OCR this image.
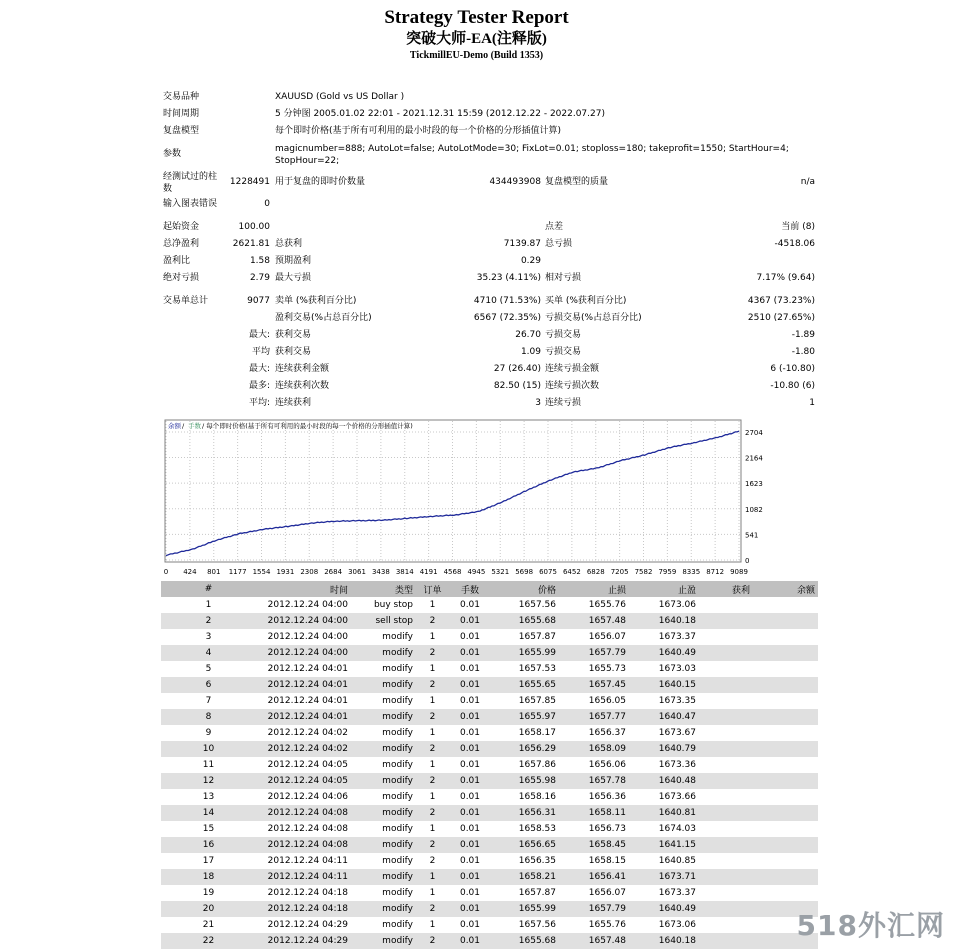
Strategy Tester Report
突破大师-EA(注释版)
TickmillEU-Demo (Build 1353)
交易品种	XAUUSD (Gold vs US Dollar )
时间周期	5 分钟图 2005.01.02 22:01 - 2021.12.31 15:59 (2012.12.22 - 2022.07.27)
复盘模型	每个即时价格(基于所有可利用的最小时段的每一个价格的分形插值计算)
参数	magicnumber=888; AutoLot=false; AutoLotMode=30; FixLot=0.01; stoploss=180; takeprofit=1550; StartHour=4;
StopHour=22;
经测试过的柱
数
1228491 用于复盘的即时价数量	434493908 复盘模型的质量	n/a
输入图表错误	0
起始资金	100.00	点差	当前 (8)
总净盈利	2621.81 总获利	7139.87 总亏损	-4518.06
盈利比	1.58 预期盈利	0.29
绝对亏损	2.79 最大亏损	35.23 (4.11%) 相对亏损	7.17% (9.64)
交易单总计	9077 卖单 (%获利百分比)	4710 (71.53%) 买单 (%获利百分比)	4367 (73.23%)
盈利交易(%占总百分比)	6567 (72.35%) 亏损交易(%占总百分比)	2510 (27.65%)
最大: 获利交易	26.70 亏损交易	-1.89
平均 获利交易	1.09 亏损交易	-1.80
最大: 连续获利金额	27 (26.40) 连续亏损金额	6 (-10.80)
最多: 连续获利次数	82.50 (15) 连续亏损次数	-10.80 (6)
平均: 连续获利	3 连续亏损	1
0 424 801 1177 1554 1931 2308 2684 3061 3438 3814 4191 4568 4945 5321 5698 6075 6452 6828 7205 7582 7959 8335 8712 9089
2704
2164
1623
1082
541
0
余额 / 手数 / 每个即时价格(基于所有可利用的最小时段的每一个价格的分形插值计算)
#	时间	类型	订单	手数	价格	止损	止盈	获利	余额
1	2012.12.24 04:00	buy stop	1	0.01	1657.56	1655.76	1673.06		
2	2012.12.24 04:00	sell stop	2	0.01	1655.68	1657.48	1640.18		
3	2012.12.24 04:00	modify	1	0.01	1657.87	1656.07	1673.37		
4	2012.12.24 04:00	modify	2	0.01	1655.99	1657.79	1640.49		
5	2012.12.24 04:01	modify	1	0.01	1657.53	1655.73	1673.03		
6	2012.12.24 04:01	modify	2	0.01	1655.65	1657.45	1640.15		
7	2012.12.24 04:01	modify	1	0.01	1657.85	1656.05	1673.35		
8	2012.12.24 04:01	modify	2	0.01	1655.97	1657.77	1640.47		
9	2012.12.24 04:02	modify	1	0.01	1658.17	1656.37	1673.67		
10	2012.12.24 04:02	modify	2	0.01	1656.29	1658.09	1640.79		
11	2012.12.24 04:05	modify	1	0.01	1657.86	1656.06	1673.36		
12	2012.12.24 04:05	modify	2	0.01	1655.98	1657.78	1640.48		
13	2012.12.24 04:06	modify	1	0.01	1658.16	1656.36	1673.66		
14	2012.12.24 04:08	modify	2	0.01	1656.31	1658.11	1640.81		
15	2012.12.24 04:08	modify	1	0.01	1658.53	1656.73	1674.03		
16	2012.12.24 04:08	modify	2	0.01	1656.65	1658.45	1641.15		
17	2012.12.24 04:11	modify	2	0.01	1656.35	1658.15	1640.85		
18	2012.12.24 04:11	modify	1	0.01	1658.21	1656.41	1673.71		
19	2012.12.24 04:18	modify	1	0.01	1657.87	1656.07	1673.37		
20	2012.12.24 04:18	modify	2	0.01	1655.99	1657.79	1640.49		
21	2012.12.24 04:29	modify	1	0.01	1657.56	1655.76	1673.06		
22	2012.12.24 04:29	modify	2	0.01	1655.68	1657.48	1640.18			518外汇网
